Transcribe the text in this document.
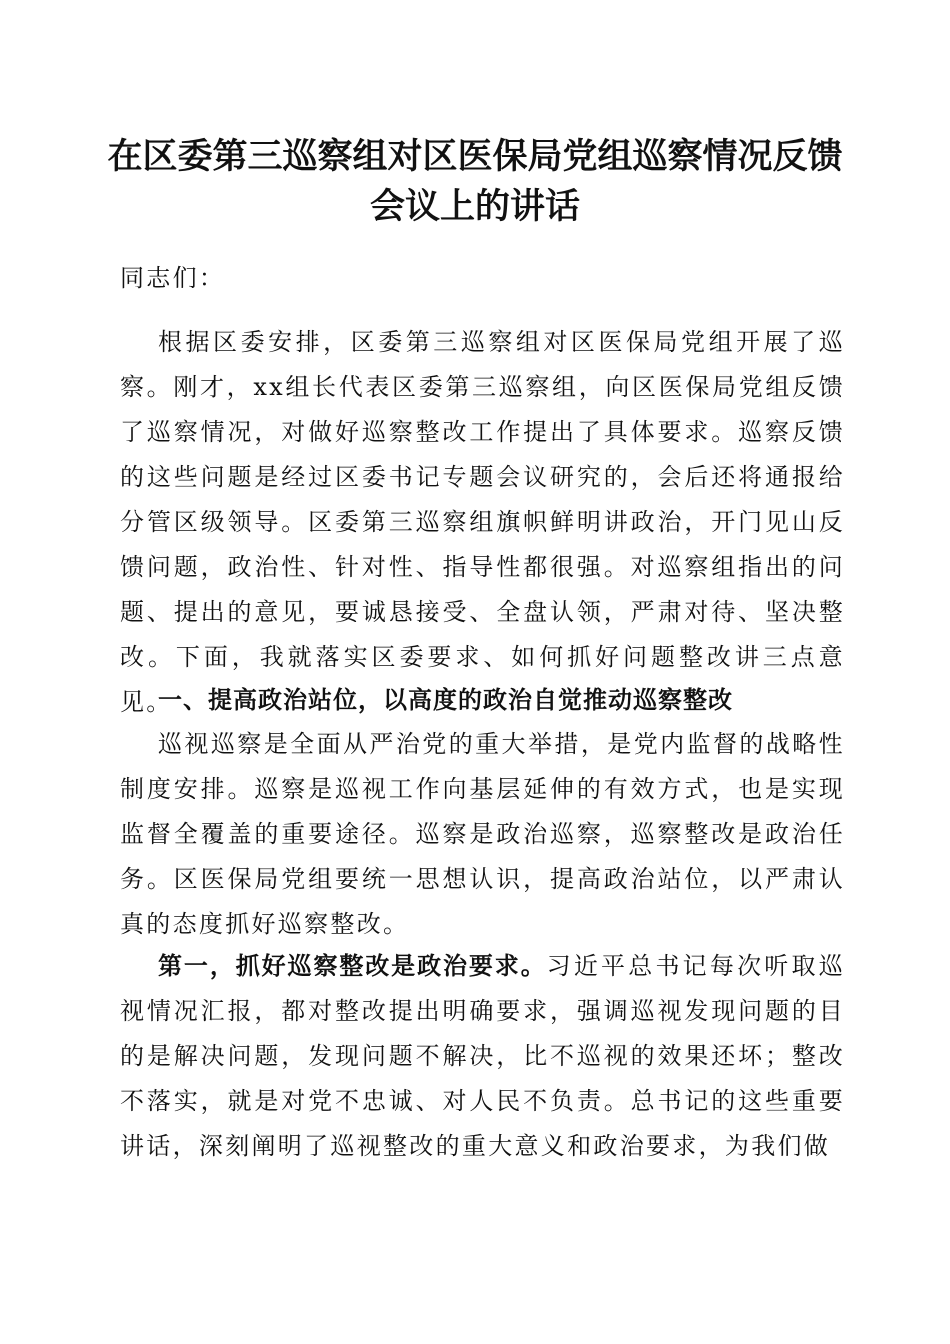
在区委第三巡察组对区医保局党组巡察情况反馈会议上的讲话

同志们：

根据区委安排，区委第三巡察组对区医保局党组开展了巡察。刚才，xx组长代表区委第三巡察组，向区医保局党组反馈了巡察情况，对做好巡察整改工作提出了具体要求。巡察反馈的这些问题是经过区委书记专题会议研究的，会后还将通报给分管区级领导。区委第三巡察组旗帜鲜明讲政治，开门见山反馈问题，政治性、针对性、指导性都很强。对巡察组指出的问题、提出的意见，要诚恳接受、全盘认领，严肃对待、坚决整改。下面，我就落实区委要求、如何抓好问题整改讲三点意见。

一、提高政治站位，以高度的政治自觉推动巡察整改

巡视巡察是全面从严治党的重大举措，是党内监督的战略性制度安排。巡察是巡视工作向基层延伸的有效方式，也是实现监督全覆盖的重要途径。巡察是政治巡察，巡察整改是政治任务。区医保局党组要统一思想认识，提高政治站位，以严肃认真的态度抓好巡察整改。

第一，抓好巡察整改是政治要求。习近平总书记每次听取巡视情况汇报，都对整改提出明确要求，强调巡视发现问题的目的是解决问题，发现问题不解决，比不巡视的效果还坏；整改不落实，就是对党不忠诚、对人民不负责。总书记的这些重要讲话，深刻阐明了巡视整改的重大意义和政治要求，为我们做
